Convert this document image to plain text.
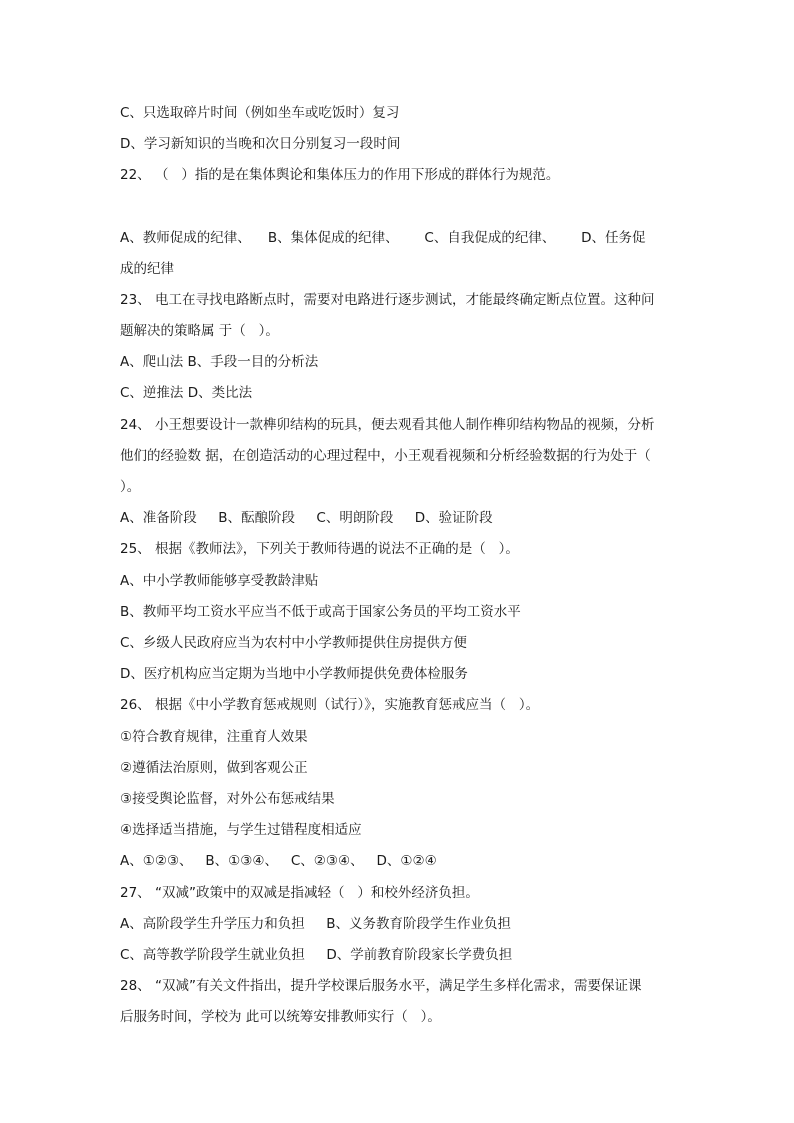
C、只选取碎片时间（例如坐车或吃饭时）复习
D、学习新知识的当晚和次日分别复习一段时间
22、 （   ）指的是在集体舆论和集体压力的作用下形成的群体行为规范。
A、教师促成的纪律、    B、集体促成的纪律、      C、自我促成的纪律、      D、任务促
成的纪律
23、 电工在寻找电路断点时，需要对电路进行逐步测试，才能最终确定断点位置。这种问
题解决的策略属 于（   ）。
A、爬山法 B、手段一目的分析法
C、逆推法 D、类比法
24、 小王想要设计一款榫卯结构的玩具，便去观看其他人制作榫卯结构物品的视频，分析
他们的经验数 据，在创造活动的心理过程中，小王观看视频和分析经验数据的行为处于（
）。
A、准备阶段     B、酝酿阶段     C、明朗阶段     D、验证阶段
25、 根据《教师法》，下列关于教师待遇的说法不正确的是（   ）。
A、中小学教师能够享受教龄津贴
B、教师平均工资水平应当不低于或高于国家公务员的平均工资水平
C、乡级人民政府应当为农村中小学教师提供住房提供方便
D、医疗机构应当定期为当地中小学教师提供免费体检服务
26、 根据《中小学教育惩戒规则（试行）》，实施教育惩戒应当（   ）。
①符合教育规律，注重育人效果
②遵循法治原则，做到客观公正
③接受舆论监督，对外公布惩戒结果
④选择适当措施，与学生过错程度相适应
A、①②③、   B、①③④、   C、②③④、   D、①②④
27、 “双减”政策中的双减是指减轻（   ）和校外经济负担。
A、高阶段学生升学压力和负担     B、义务教育阶段学生作业负担
C、高等教学阶段学生就业负担     D、学前教育阶段家长学费负担
28、 “双减”有关文件指出，提升学校课后服务水平，满足学生多样化需求，需要保证课
后服务时间，学校为 此可以统筹安排教师实行（   ）。
